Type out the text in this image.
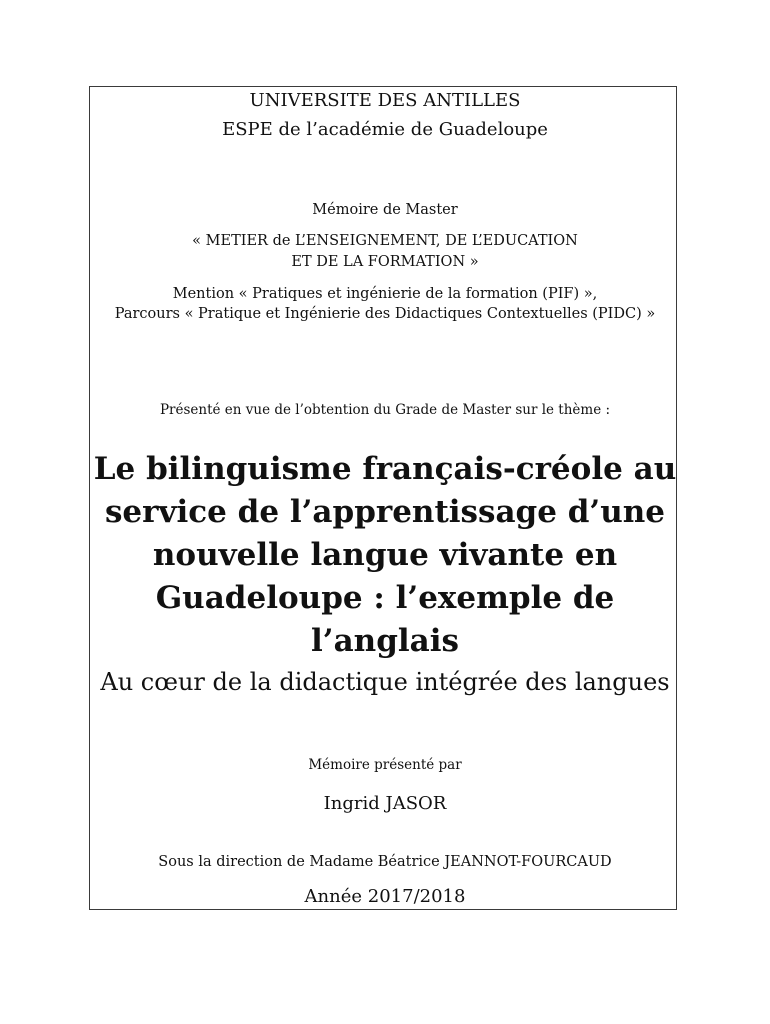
UNIVERSITE DES ANTILLES
ESPE de l’académie de Guadeloupe
Mémoire de Master
« METIER de L’ENSEIGNEMENT, DE L’EDUCATION
ET DE LA FORMATION »
Mention « Pratiques et ingénierie de la formation (PIF) »,
Parcours « Pratique et Ingénierie des Didactiques Contextuelles (PIDC) »
Présenté en vue de l’obtention du Grade de Master sur le thème :
Le bilinguisme français-créole au
service de l’apprentissage d’une
nouvelle langue vivante en
Guadeloupe : l’exemple de
l’anglais
Au cœur de la didactique intégrée des langues
Mémoire présenté par
Ingrid JASOR
Sous la direction de Madame Béatrice JEANNOT-FOURCAUD
Année 2017/2018
